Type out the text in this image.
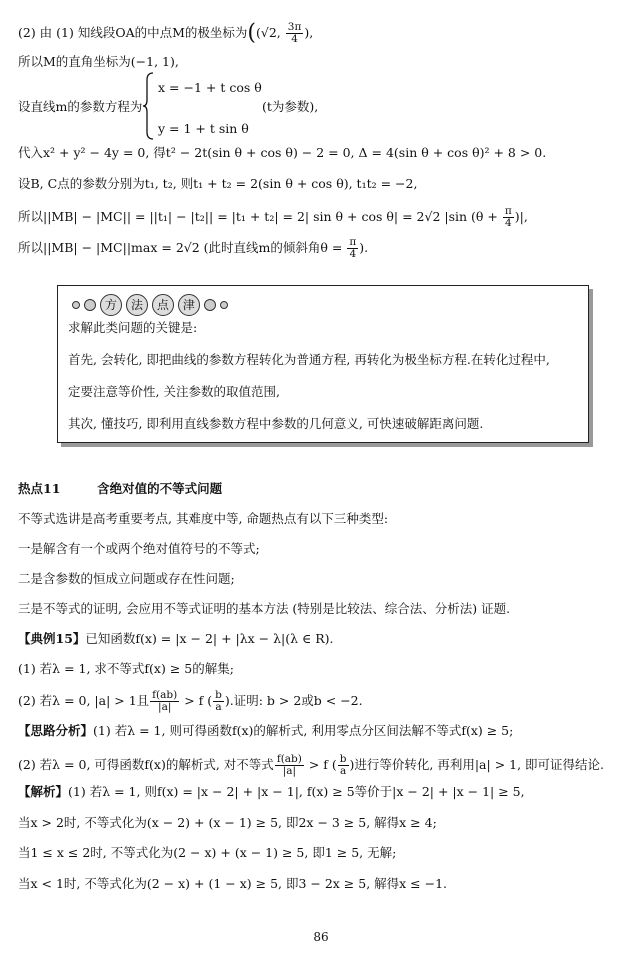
(2) 由 (1) 知线段OA的中点M的极坐标为((√2, $\frac{3\pi}{4}$ ),
所以M的直角坐标为(−1, 1),
设直线m的参数方程为
x = −1 + t cos θ
y = 1 + t sin θ
(t为参数),
代入x² + y² − 4y = 0, 得t² − 2t(sin θ + cos θ) − 2 = 0, Δ = 4(sin θ + cos θ)² + 8 > 0.
设B, C点的参数分别为t₁, t₂, 则t₁ + t₂ = 2(sin θ + cos θ), t₁t₂ = −2,
所以||MB| − |MC|| = ||t₁| − |t₂|| = |t₁ + t₂| = 2| sin θ + cos θ| = 2√2 |sin ($\theta + \frac{\pi}{4}$ )|,
所以||MB| − |MC||max = 2√2 (此时直线m的倾斜角$\theta = \frac{\pi}{4}$ ).
方 法 点 津
求解此类问题的关键是:
首先, 会转化, 即把曲线的参数方程转化为普通方程, 再转化为极坐标方程.在转化过程中,
定要注意等价性, 关注参数的取值范围,
其次, 懂技巧, 即利用直线参数方程中参数的几何意义, 可快速破解距离问题.
热点11	含绝对值的不等式问题
不等式选讲是高考重要考点, 其难度中等, 命题热点有以下三种类型:
一是解含有一个或两个绝对值符号的不等式;
二是含参数的恒成立问题或存在性问题;
三是不等式的证明, 会应用不等式证明的基本方法 (特别是比较法、综合法、分析法) 证题.
【典例15】已知函数f(x) = |x − 2| + |λx − λ|(λ ∈ R).
(1) 若λ = 1, 求不等式f(x) ≥ 5的解集;
(2) 若λ = 0, |a| > 1且 $\frac{f(ab)}{|a|} > f$ ( $\frac{b}{a}$ ).证明: b > 2或b < −2.
【思路分析】(1) 若λ = 1, 则可得函数f(x)的解析式, 利用零点分区间法解不等式f(x) ≥ 5;
(2) 若λ = 0, 可得函数f(x)的解析式, 对不等式 $\frac{f(ab)}{|a|} > f$ ( $\frac{b}{a}$ )进行等价转化, 再利用|a| > 1, 即可证得结论.
【解析】(1) 若λ = 1, 则f(x) = |x − 2| + |x − 1|, f(x) ≥ 5等价于|x − 2| + |x − 1| ≥ 5,
当x > 2时, 不等式化为(x − 2) + (x − 1) ≥ 5, 即2x − 3 ≥ 5, 解得x ≥ 4;
当1 ≤ x ≤ 2时, 不等式化为(2 − x) + (x − 1) ≥ 5, 即1 ≥ 5, 无解;
当x < 1时, 不等式化为(2 − x) + (1 − x) ≥ 5, 即3 − 2x ≥ 5, 解得x ≤ −1.
86
